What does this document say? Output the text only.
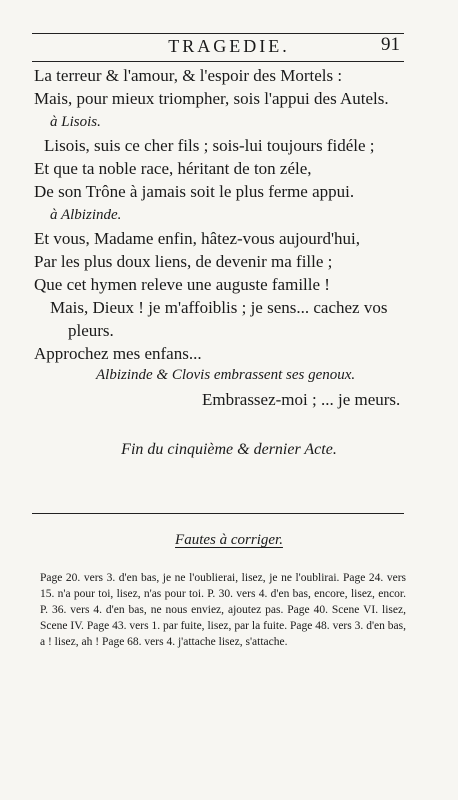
TRAGEDIE.	91
La terreur & l'amour, & l'espoir des Mortels :
Mais, pour mieux triompher, sois l'appui des Autels.
à Lisois.
Lisois, suis ce cher fils ; sois-lui toujours fidéle ;
Et que ta noble race, héritant de ton zéle,
De son Trône à jamais soit le plus ferme appui.
à Albizinde.
Et vous, Madame enfin, hâtez-vous aujourd'hui,
Par les plus doux liens, de devenir ma fille ;
Que cet hymen releve une auguste famille !
Mais, Dieux ! je m'affoiblis ; je sens... cachez vos
pleurs.
Approchez mes enfans...
Albizinde & Clovis embrassent ses genoux.
Embrassez-moi ; ... je meurs.
Fin du cinquième & dernier Acte.
Fautes à corriger.
Page 20. vers 3. d'en bas, je ne l'oublierai, lisez, je ne l'oublirai. Page 24. vers 15. n'a pour toi, lisez, n'as pour toi. P. 30. vers 4. d'en bas, encore, lisez, encor. P. 36. vers 4. d'en bas, ne nous enviez, ajoutez pas. Page 40. Scene VI. lisez, Scene IV. Page 43. vers 1. par fuite, lisez, par la fuite. Page 48. vers 3. d'en bas, a ! lisez, ah ! Page 68. vers 4. j'attache lisez, s'attache.
